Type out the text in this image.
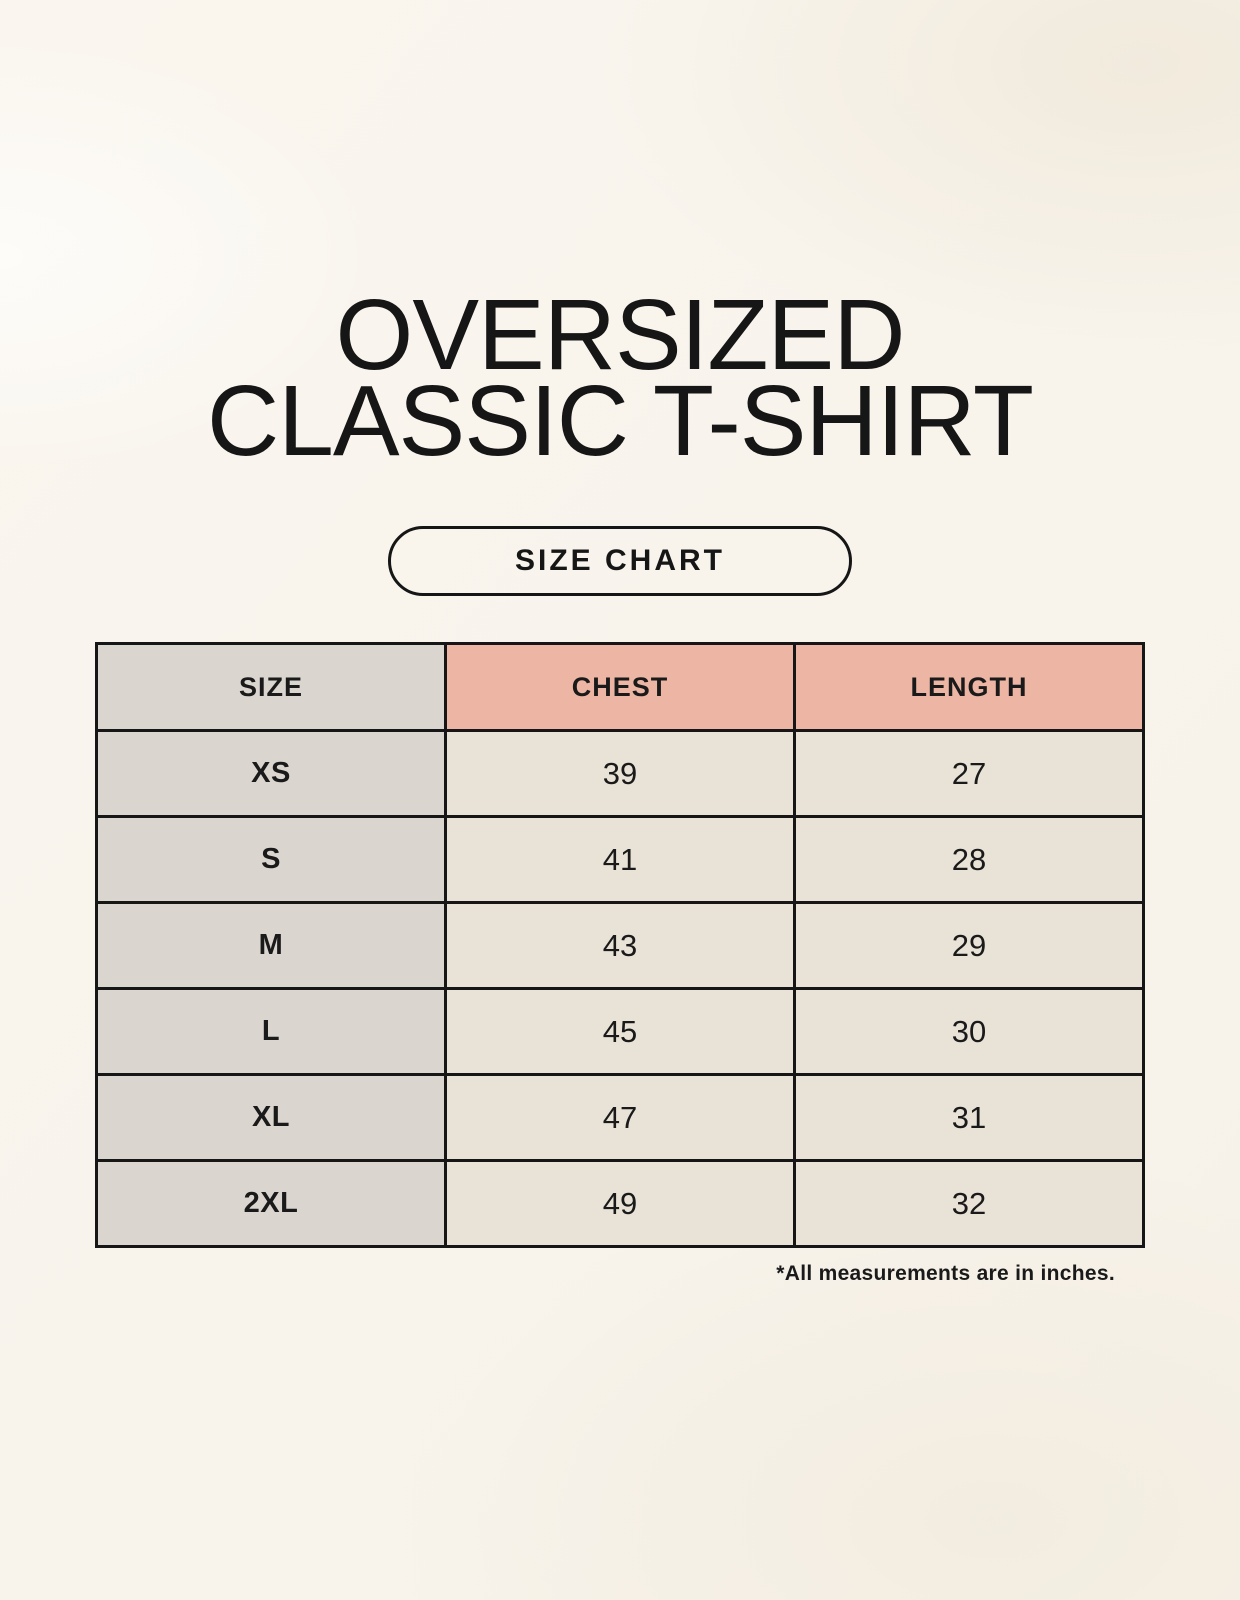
OVERSIZED
CLASSIC T-SHIRT
SIZE CHART
SIZE	CHEST	LENGTH
XS	39	27
S	41	28
M	43	29
L	45	30
XL	47	31
2XL	49	32
*All measurements are in inches.
